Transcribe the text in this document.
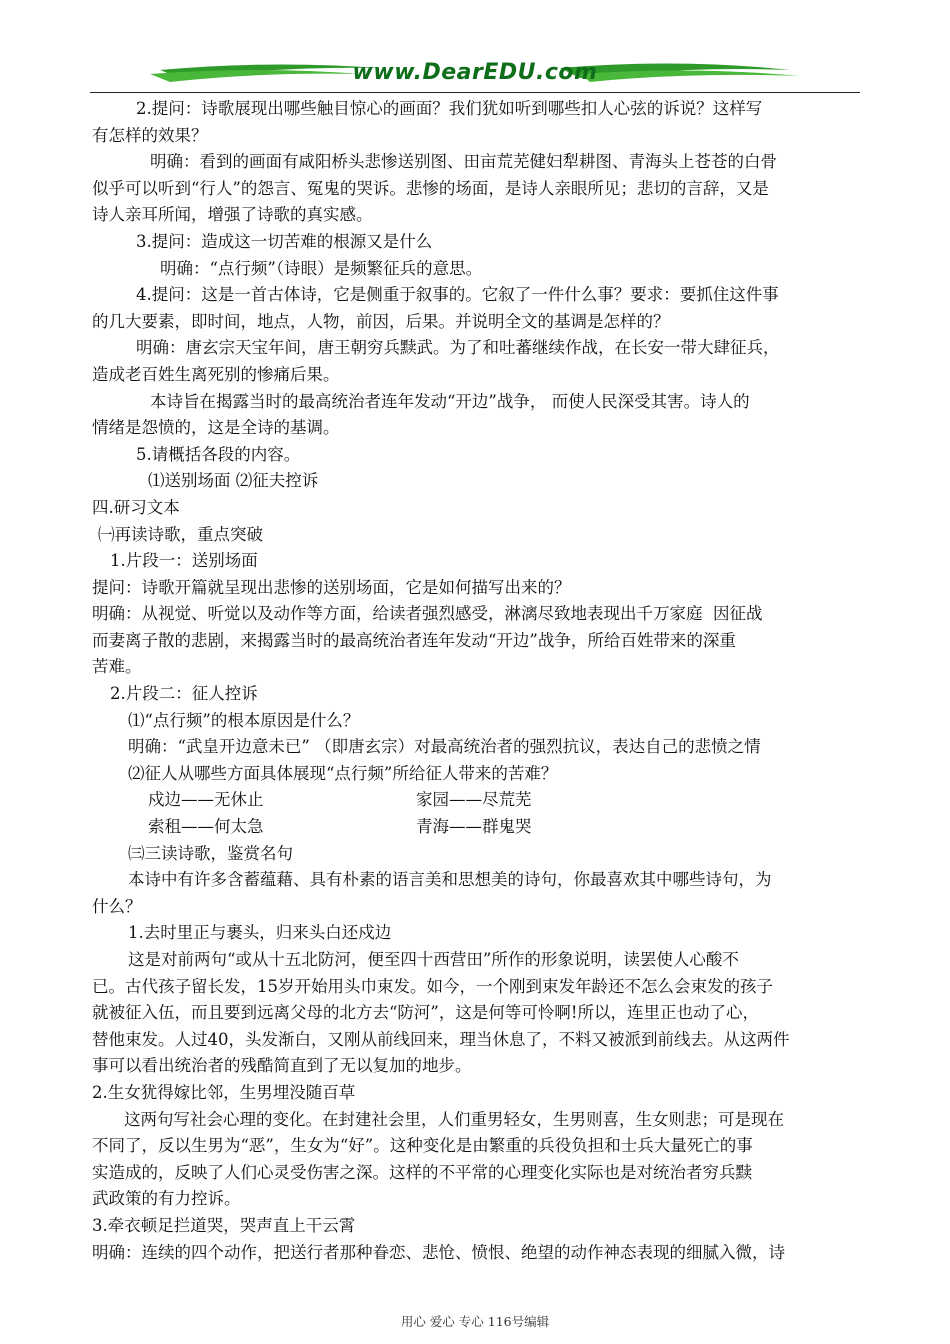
www.DearEDU.com
2.提问：诗歌展现出哪些触目惊心的画面？我们犹如听到哪些扣人心弦的诉说？这样写
有怎样的效果？
明确：看到的画面有咸阳桥头悲惨送别图、田亩荒芜健妇犁耕图、青海头上苍苍的白骨
似乎可以听到“行人”的怨言、冤鬼的哭诉。悲惨的场面，是诗人亲眼所见；悲切的言辞，又是
诗人亲耳所闻，增强了诗歌的真实感。
3.提问：造成这一切苦难的根源又是什么
明确：“点行频”（诗眼）是频繁征兵的意思。
4.提问：这是一首古体诗，它是侧重于叙事的。它叙了一件什么事？要求：要抓住这件事
的几大要素，即时间，地点，人物，前因，后果。并说明全文的基调是怎样的？
明确：唐玄宗天宝年间，唐王朝穷兵黩武。为了和吐蕃继续作战，在长安一带大肆征兵，
造成老百姓生离死别的惨痛后果。
本诗旨在揭露当时的最高统治者连年发动“开边”战争， 而使人民深受其害。诗人的
情绪是怨愤的，这是全诗的基调。
5.请概括各段的内容。
⑴送别场面 ⑵征夫控诉
四.研习文本
㈠再读诗歌，重点突破
1.片段一：送别场面
提问：诗歌开篇就呈现出悲惨的送别场面，它是如何描写出来的？
明确：从视觉、听觉以及动作等方面，给读者强烈感受，淋漓尽致地表现出千万家庭  因征战
而妻离子散的悲剧，来揭露当时的最高统治者连年发动“开边”战争，所给百姓带来的深重
苦难。
2.片段二：征人控诉
⑴“点行频”的根本原因是什么？
明确：“武皇开边意未已” （即唐玄宗）对最高统治者的强烈抗议，表达自己的悲愤之情
⑵征人从哪些方面具体展现“点行频”所给征人带来的苦难？
戍边——无休止	家园——尽荒芜
索租——何太急	青海——群鬼哭
㈢三读诗歌，鉴赏名句
本诗中有许多含蓄蕴藉、具有朴素的语言美和思想美的诗句，你最喜欢其中哪些诗句，为
什么？
1.去时里正与裹头，归来头白还戍边
这是对前两句“或从十五北防河，便至四十西营田”所作的形象说明，读罢使人心酸不
已。古代孩子留长发，15岁开始用头巾束发。如今，一个刚到束发年龄还不怎么会束发的孩子
就被征入伍，而且要到远离父母的北方去“防河”，这是何等可怜啊!所以，连里正也动了心，
替他束发。人过40，头发渐白，又刚从前线回来，理当休息了，不料又被派到前线去。从这两件
事可以看出统治者的残酷简直到了无以复加的地步。
2.生女犹得嫁比邻，生男埋没随百草
这两句写社会心理的变化。在封建社会里，人们重男轻女，生男则喜，生女则悲；可是现在
不同了，反以生男为“恶”，生女为“好”。这种变化是由繁重的兵役负担和士兵大量死亡的事
实造成的，反映了人们心灵受伤害之深。这样的不平常的心理变化实际也是对统治者穷兵黩
武政策的有力控诉。
3.牵衣顿足拦道哭，哭声直上干云霄
明确：连续的四个动作，把送行者那种眷恋、悲怆、愤恨、绝望的动作神态表现的细腻入微，诗
用心 爱心 专心 116号编辑
